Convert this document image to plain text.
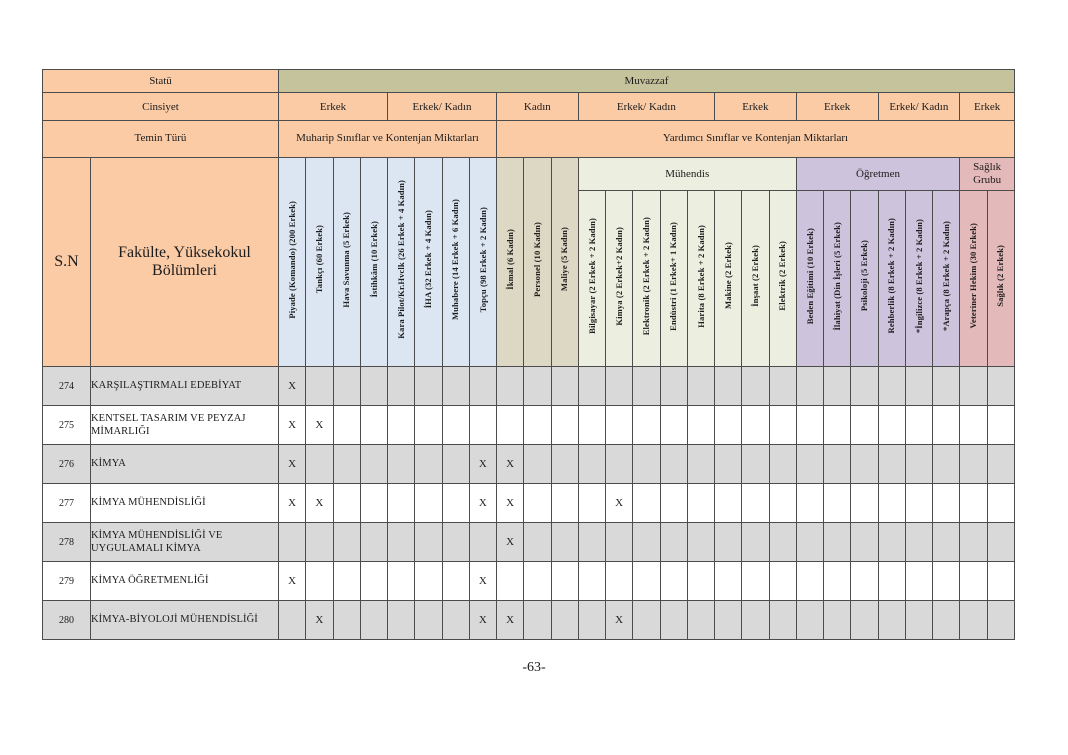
Statü		Muvazzaf																										
Cinsiyet		Erkek				Erkek/ Kadın				Kadın			Erkek/ Kadın					Erkek			Erkek			Erkek/ Kadın			Erkek	
Temin Türü		Muharip Sınıflar ve Kontenjan Miktarları								Yardımcı Sınıflar ve Kontenjan Miktarları																		
S.N	Fakülte, Yüksekokul Bölümleri	Piyade (Komando) (200 Erkek)	Tankçı (60 Erkek)	Hava Savunma (5 Erkek)	İstihkâm (10 Erkek)	Kara Pilot/Kr.Hvclk (26 Erkek + 4 Kadın)	İHA (32 Erkek + 4 Kadın)	Muhabere (14 Erkek + 6 Kadın)	Topçu (98 Erkek + 2 Kadın)	İkmal (6 Kadın)	Personel (10 Kadın)	Maliye (5 Kadın)	Mühendis								Öğretmen						Sağlık Grubu	
													Bilgisayar (2 Erkek + 2 Kadın)	Kimya (2 Erkek+2 Kadın)	Elektronik (2 Erkek + 2 Kadın)	Endüstri (1 Erkek+ 1 Kadın)	Harita (8 Erkek + 2 Kadın)	Makine (2 Erkek)	İnşaat (2 Erkek)	Elektrik (2 Erkek)	Beden Eğitimi (10 Erkek)	İlahiyat (Din İşleri (5 Erkek)	Psikoloji (5 Erkek)	Rehberlik (8 Erkek + 2 Kadın)	*İngilizce (8 Erkek + 2 Kadın)	*Arapça (8 Erkek + 2 Kadın)	Veteriner Hekim (30 Erkek)	Sağlık (2 Erkek)
274	KARŞILAŞTIRMALI EDEBİYAT	X																										
275	KENTSEL TASARIM VE PEYZAJ MİMARLIĞI	X	X																									
276	KİMYA	X							X	X																		
277	KİMYA MÜHENDİSLİĞİ	X	X						X	X				X														
278	KİMYA MÜHENDİSLİĞİ VE UYGULAMALI KİMYA									X																		
279	KİMYA ÖĞRETMENLİĞİ	X							X																			
280	KİMYA-BİYOLOJİ MÜHENDİSLİĞİ		X						X	X				X														
-63-
